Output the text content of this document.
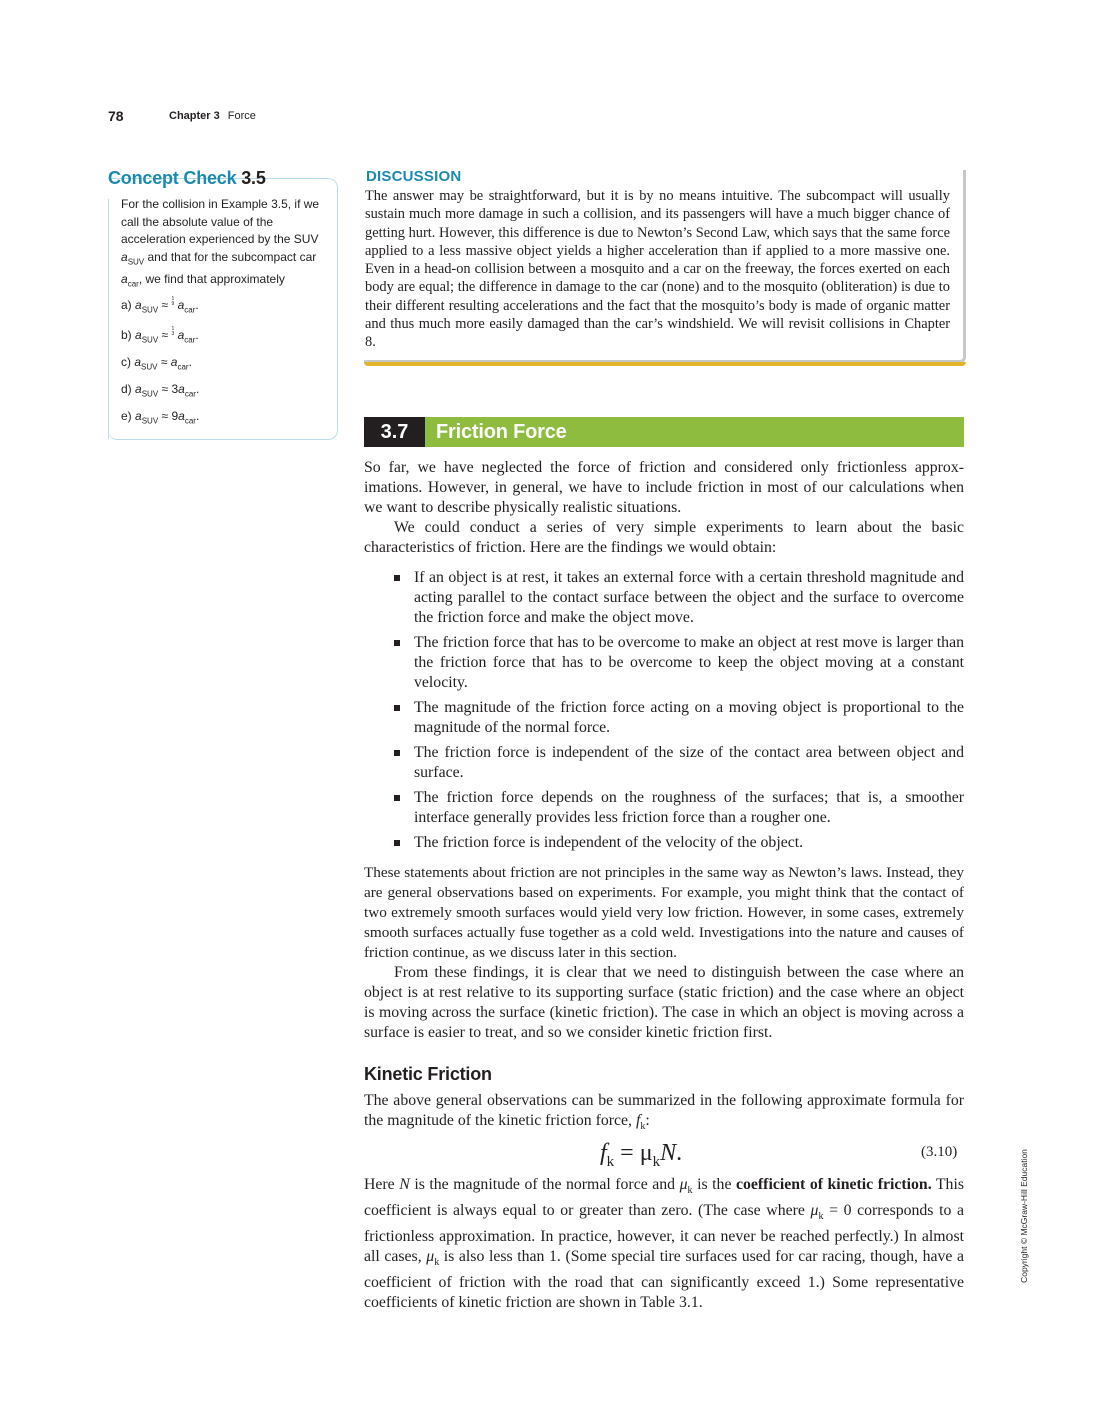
78	Chapter 3 Force
Concept Check 3.5
For the collision in Example 3.5, if we call the absolute value of the acceleration experienced by the SUV $a_{SUV}$ and that for the subcompact car $a_{car}$, we find that approximately
a) $a_{SUV} \approx 1$
9 $a_{car}$.
b) $a_{SUV} \approx 1$
3 $a_{car}$.
c) $a_{SUV} \approx a_{car}$.
d) $a_{SUV} \approx 3a_{car}$.
e) $a_{SUV} \approx 9a_{car}$.
DISCUSSION
The answer may be straightforward, but it is by no means intuitive. The subcompact will usually sustain much more damage in such a collision, and its passengers will have a much bigger chance of getting hurt. However, this difference is due to Newton’s Second Law, which says that the same force applied to a less massive object yields a higher acceleration than if applied to a more massive one. Even in a head-on collision between a mosquito and a car on the freeway, the forces exerted on each body are equal; the difference in damage to the car (none) and to the mosquito (obliteration) is due to their different resulting accelerations and the fact that the mosquito’s body is made of organic matter and thus much more easily damaged than the car’s windshield. We will revisit collisions in Chapter 8.
3.7	Friction Force
So far, we have neglected the force of friction and considered only frictionless approximations. However, in general, we have to include friction in most of our calculations when we want to describe physically realistic situations.
We could conduct a series of very simple experiments to learn about the basic characteristics of friction. Here are the findings we would obtain:
If an object is at rest, it takes an external force with a certain threshold magnitude and acting parallel to the contact surface between the object and the surface to overcome the friction force and make the object move.
The friction force that has to be overcome to make an object at rest move is larger than the friction force that has to be overcome to keep the object moving at a constant velocity.
The magnitude of the friction force acting on a moving object is proportional to the magnitude of the normal force.
The friction force is independent of the size of the contact area between object and surface.
The friction force depends on the roughness of the surfaces; that is, a smoother interface generally provides less friction force than a rougher one.
The friction force is independent of the velocity of the object.
These statements about friction are not principles in the same way as Newton’s laws. Instead, they are general observations based on experiments. For example, you might think that the contact of two extremely smooth surfaces would yield very low friction. However, in some cases, extremely smooth surfaces actually fuse together as a cold weld. Investigations into the nature and causes of friction continue, as we discuss later in this section.
From these findings, it is clear that we need to distinguish between the case where an object is at rest relative to its supporting surface (static friction) and the case where an object is moving across the surface (kinetic friction). The case in which an object is moving across a surface is easier to treat, and so we consider kinetic friction first.
Kinetic Friction
The above general observations can be summarized in the following approximate formula for the magnitude of the kinetic friction force, $f_k$:
$f_k = \mu_kN$.	(3.10)
Here N is the magnitude of the normal force and $\mu_k$ is the coefficient of kinetic friction. This coefficient is always equal to or greater than zero. (The case where $\mu_k = 0$ corresponds to a frictionless approximation. In practice, however, it can never be reached perfectly.) In almost all cases, $\mu_k$ is also less than 1. (Some special tire surfaces used for car racing, though, have a coefficient of friction with the road that can significantly exceed 1.) Some representative coefficients of kinetic friction are shown in Table 3.1.
Copyright © McGraw-Hill Education
